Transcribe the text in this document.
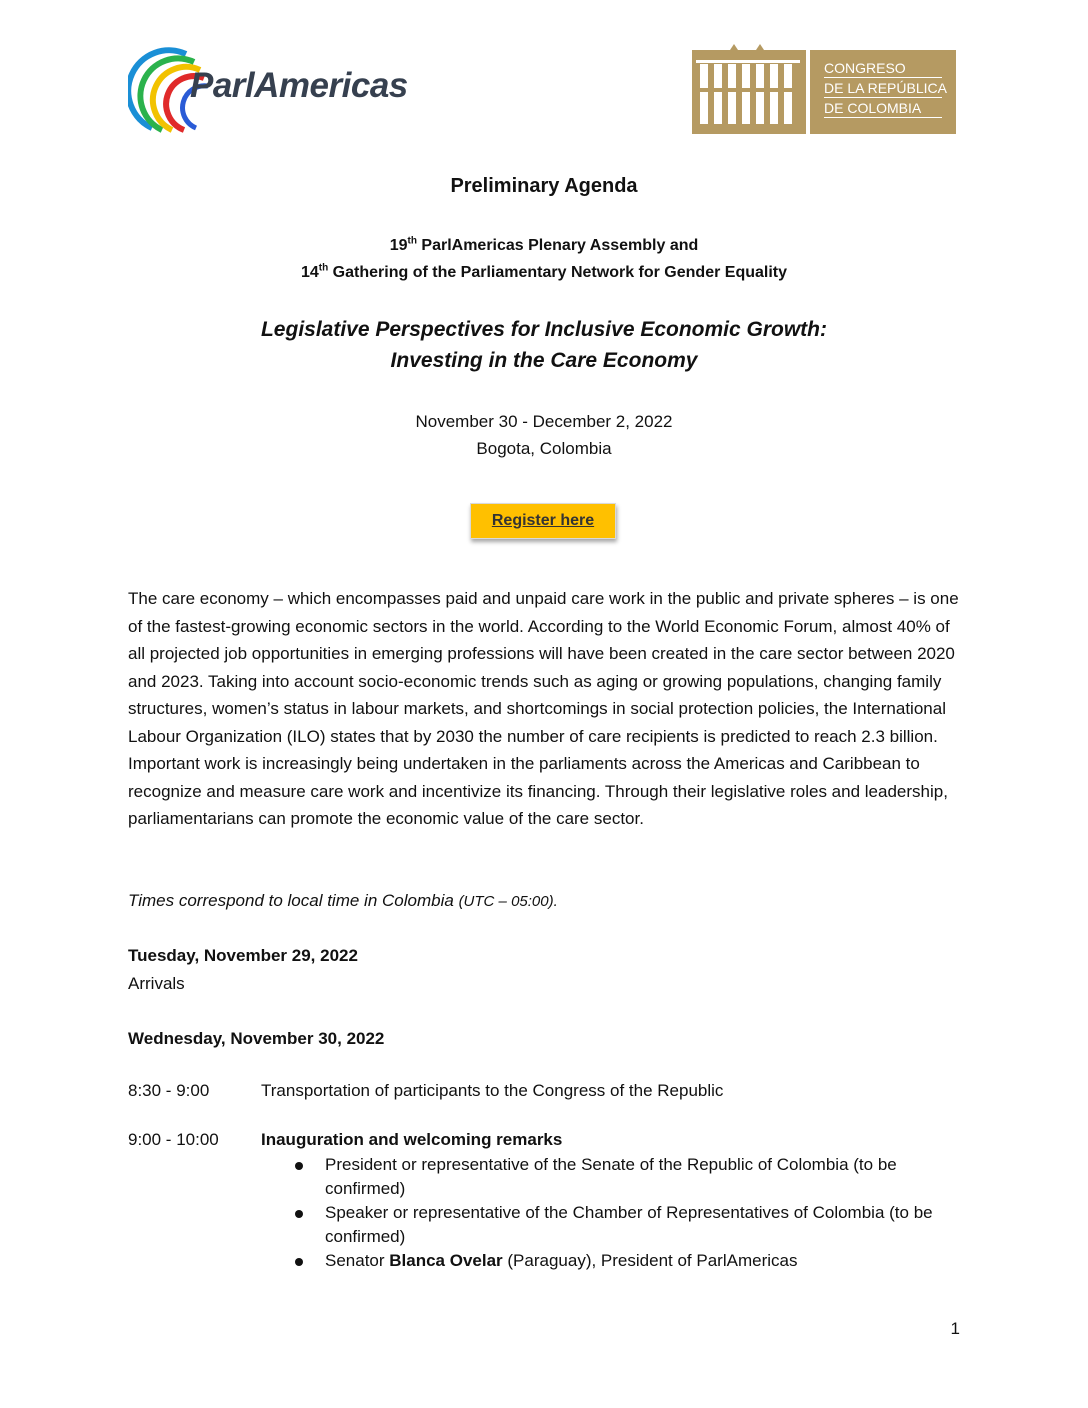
ParlAmericas	CONGRESO
DE LA REPÚBLICA
DE COLOMBIA
Preliminary Agenda
19th ParlAmericas Plenary Assembly and
14th Gathering of the Parliamentary Network for Gender Equality
Legislative Perspectives for Inclusive Economic Growth:
Investing in the Care Economy
November 30 - December 2, 2022
Bogota, Colombia
Register here
The care economy – which encompasses paid and unpaid care work in the public and private spheres – is one of the fastest-growing economic sectors in the world. According to the World Economic Forum, almost 40% of all projected job opportunities in emerging professions will have been created in the care sector between 2020 and 2023. Taking into account socio-economic trends such as aging or growing populations, changing family structures, women’s status in labour markets, and shortcomings in social protection policies, the International Labour Organization (ILO) states that by 2030 the number of care recipients is predicted to reach 2.3 billion. Important work is increasingly being undertaken in the parliaments across the Americas and Caribbean to recognize and measure care work and incentivize its financing. Through their legislative roles and leadership, parliamentarians can promote the economic value of the care sector.
Times correspond to local time in Colombia (UTC – 05:00).
Tuesday, November 29, 2022
Arrivals
Wednesday, November 30, 2022
8:30 - 9:00	Transportation of participants to the Congress of the Republic
9:00 - 10:00 Inauguration and welcoming remarks
President or representative of the Senate of the Republic of Colombia (to be confirmed)
Speaker or representative of the Chamber of Representatives of Colombia (to be confirmed)
Senator Blanca Ovelar (Paraguay), President of ParlAmericas
1
